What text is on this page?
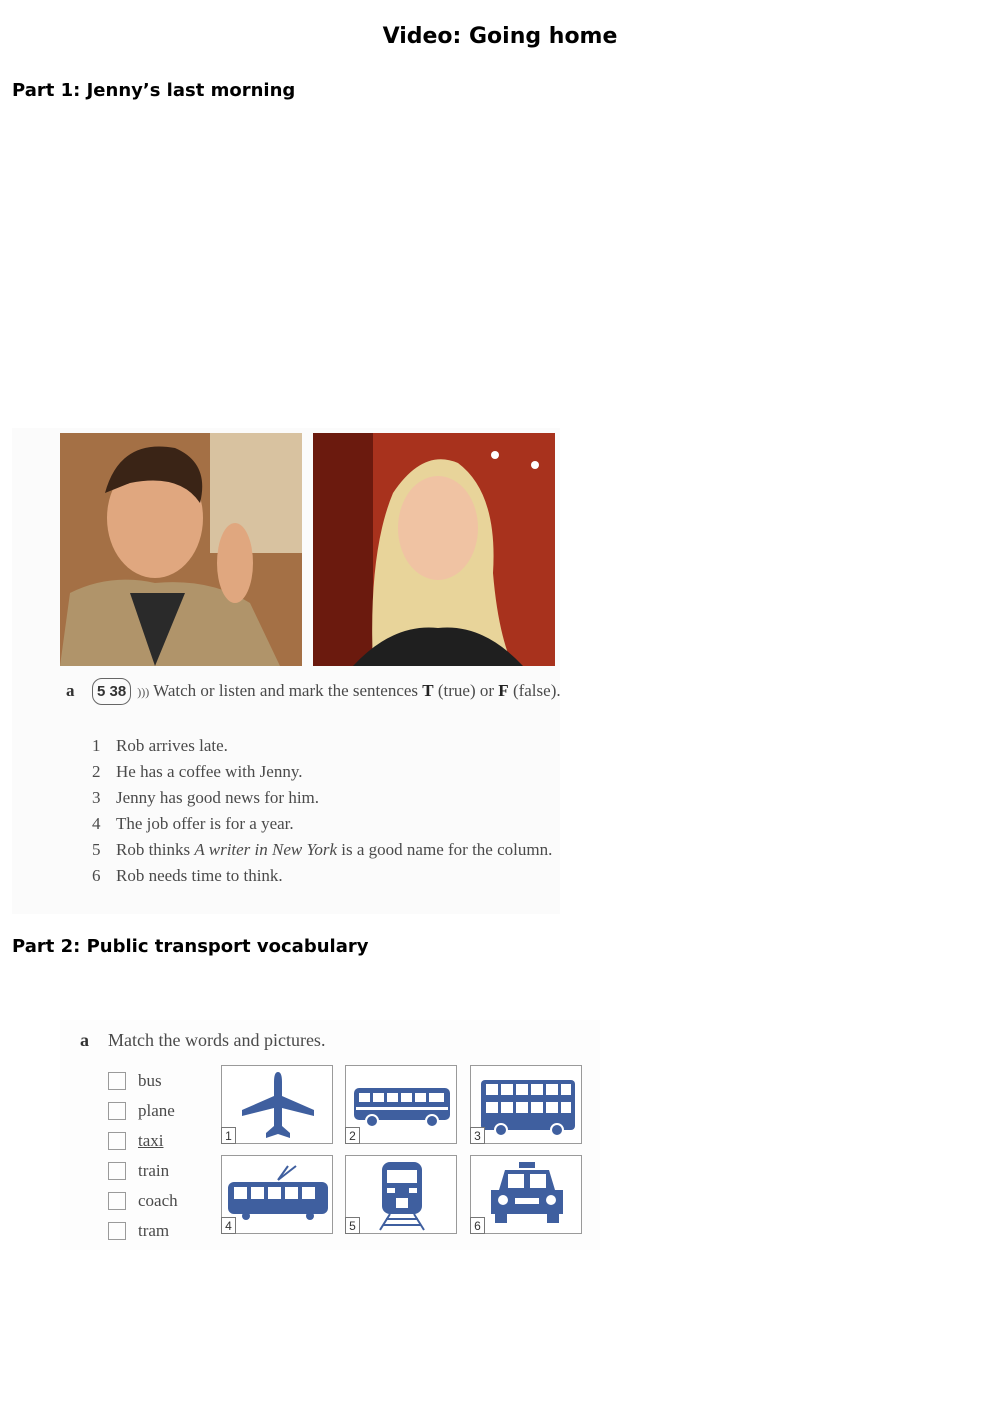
Video: Going home
Part 1: Jenny’s last morning
a 5 38 ))) Watch or listen and mark the sentences T (true) or F (false).
1 Rob arrives late.
2 He has a coffee with Jenny.
3 Jenny has good news for him.
4 The job offer is for a year.
5 Rob thinks A writer in New York is a good name for the column.
6 Rob needs time to think.
Part 2: Public transport vocabulary
a Match the words and pictures.
bus
plane
taxi
train
coach
tram
1	2	3
4	5	6
